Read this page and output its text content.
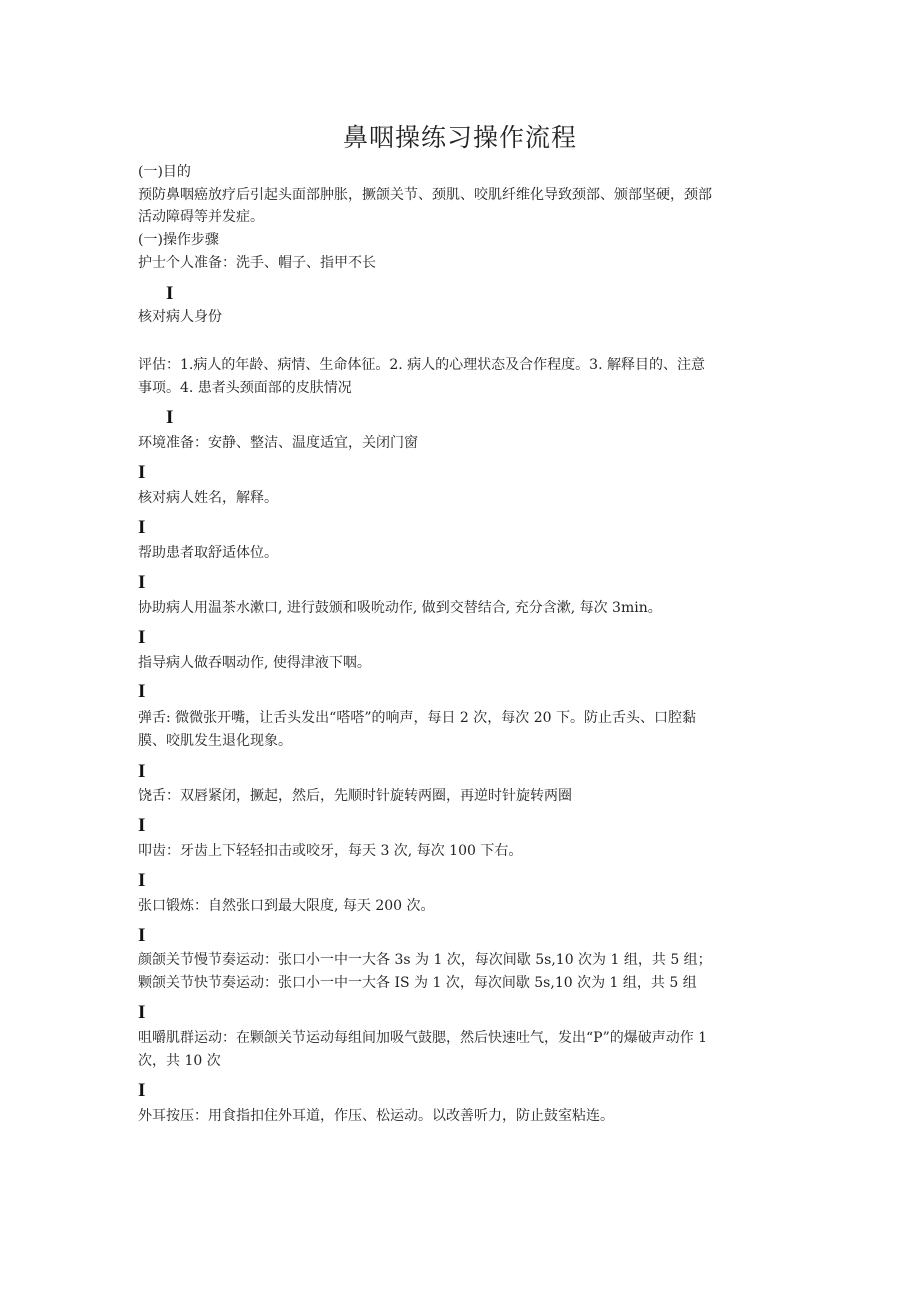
鼻咽操练习操作流程
(一)目的
预防鼻咽癌放疗后引起头面部肿胀，撅颌关节、颈肌、咬肌纤维化导致颈部、颁部坚硬，颈部
活动障碍等并发症。
(一)操作步骤
护士个人准备：洗手、帽子、指甲不长
I
核对病人身份
评估：1.病人的年龄、病情、生命体征。2. 病人的心理状态及合作程度。3. 解释目的、注意
事项。4. 患者头颈面部的皮肤情况
I
环境准备：安静、整洁、温度适宜，关闭门窗
I
核对病人姓名，解释。
I
帮助患者取舒适体位。
I
协助病人用温茶水漱口, 进行鼓颁和吸吮动作, 做到交替结合, 充分含漱, 每次 3min。
I
指导病人做吞咽动作, 使得津液下咽。
I
弹舌: 微微张开嘴，让舌头发出“嗒嗒”的响声，每日 2 次，每次 20 下。防止舌头、口腔黏
膜、咬肌发生退化现象。
I
饶舌：双唇紧闭，撅起，然后，先顺时针旋转两圈，再逆时针旋转两圈
I
叩齿：牙齿上下轻轻扣击或咬牙，每天 3 次, 每次 100 下右。
I
张口锻炼：自然张口到最大限度, 每天 200 次。
I
颜颌关节慢节奏运动：张口小一中一大各 3s 为 1 次，每次间歇 5s,10 次为 1 组，共 5 组；
颗颌关节快节奏运动：张口小一中一大各 IS 为 1 次，每次间歇 5s,10 次为 1 组，共 5 组
I
咀嚼肌群运动：在颗颌关节运动每组间加吸气鼓腮，然后快速吐气，发出“P”的爆破声动作 1
次，共 10 次
I
外耳按压：用食指扣住外耳道，作压、松运动。以改善听力，防止鼓室粘连。
